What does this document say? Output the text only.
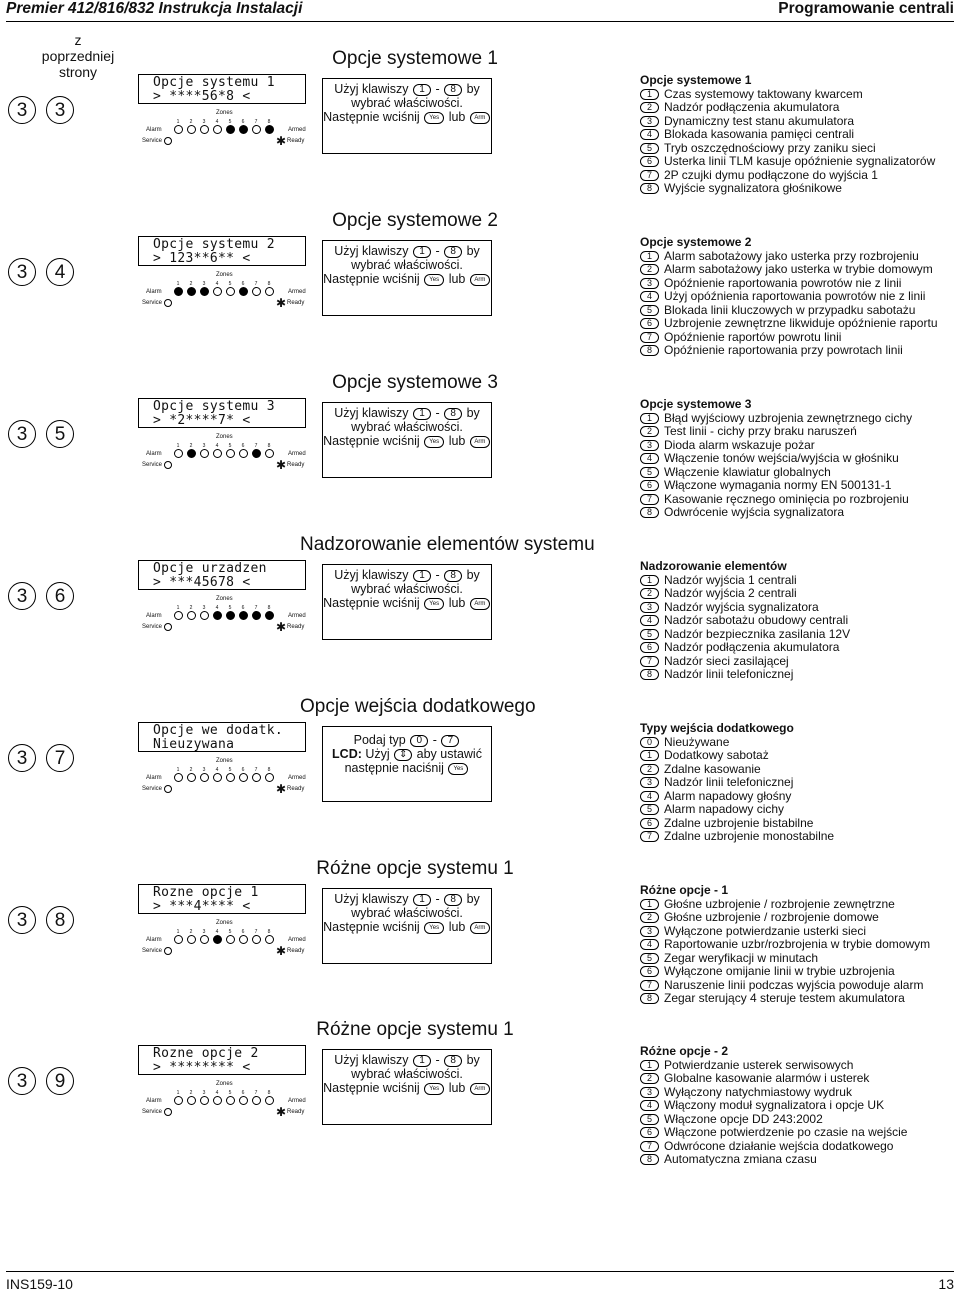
Premier 412/816/832 Instrukcja Instalacji	Programowanie centrali
z poprzedniej strony
3	3
Opcje systemu 1
> ****56*8 <
Zones
1	2	3	4	5	6	7	8
Alarm
Service
Armed
✱ Ready
Opcje systemowe 1
Użyj klawiszy 1 - 8 by
wybrać właściwości.
Następnie wciśnij Yes lub Arm
Opcje systemowe 1
1	Czas systemowy taktowany kwarcem
2	Nadzór podłączenia akumulatora
3	Dynamiczny test stanu akumulatora
4	Blokada kasowania pamięci centrali
5	Tryb oszczędnościowy przy zaniku sieci
6	Usterka linii TLM kasuje opóźnienie sygnalizatorów
7	2P czujki dymu podłączone do wyjścia 1
8	Wyjście sygnalizatora głośnikowe
3	4
Opcje systemu 2
> 123**6** <
Zones
1	2	3	4	5	6	7	8
Alarm
Service
Armed
✱ Ready
Opcje systemowe 2
Użyj klawiszy 1 - 8 by
wybrać właściwości.
Następnie wciśnij Yes lub Arm
Opcje systemowe 2
1	Alarm sabotażowy jako usterka przy rozbrojeniu
2	Alarm sabotażowy jako usterka w trybie domowym
3	Opóźnienie raportowania powrotów nie z linii
4	Użyj opóźnienia raportowania powrotów nie z linii
5	Blokada linii kluczowych w przypadku sabotażu
6	Uzbrojenie zewnętrzne likwiduje opóźnienie raportu
7	Opóźnienie raportów powrotu linii
8	Opóźnienie raportowania przy powrotach linii
3	5
Opcje systemu 3
> *2****7* <
Zones
1	2	3	4	5	6	7	8
Alarm
Service
Armed
✱ Ready
Opcje systemowe 3
Użyj klawiszy 1 - 8 by
wybrać właściwości.
Następnie wciśnij Yes lub Arm
Opcje systemowe 3
1	Błąd wyjściowy uzbrojenia zewnętrznego cichy
2	Test linii - cichy przy braku naruszeń
3	Dioda alarm wskazuje pożar
4	Włączenie tonów wejścia/wyjścia w głośniku
5	Włączenie klawiatur globalnych
6	Włączone wymagania normy EN 500131-1
7	Kasowanie ręcznego ominięcia po rozbrojeniu
8	Odwrócenie wyjścia sygnalizatora
3	6
Opcje urzadzen
> ***45678 <
Zones
1	2	3	4	5	6	7	8
Alarm
Service
Armed
✱ Ready
Nadzorowanie elementów systemu
Użyj klawiszy 1 - 8 by
wybrać właściwości.
Następnie wciśnij Yes lub Arm
Nadzorowanie elementów
1	Nadzór wyjścia 1 centrali
2	Nadzór wyjścia 2 centrali
3	Nadzór wyjścia sygnalizatora
4	Nadzór sabotażu obudowy centrali
5	Nadzór bezpiecznika zasilania 12V
6	Nadzór podłączenia akumulatora
7	Nadzór sieci zasilającej
8	Nadzór linii telefonicznej
3	7
Opcje we dodatk.
Nieuzywana
Zones
1	2	3	4	5	6	7	8
Alarm
Service
Armed
✱ Ready
Opcje wejścia dodatkowego
Podaj typ 0 - 7
LCD: Użyj ⇕ aby ustawić
następnie naciśnij Yes
Typy wejścia dodatkowego
0	Nieużywane
1	Dodatkowy sabotaż
2	Zdalne kasowanie
3	Nadzór linii telefonicznej
4	Alarm napadowy głośny
5	Alarm napadowy cichy
6	Zdalne uzbrojenie bistabilne
7	Zdalne uzbrojenie monostabilne
3	8
Rozne opcje 1
> ***4**** <
Zones
1	2	3	4	5	6	7	8
Alarm
Service
Armed
✱ Ready
Różne opcje systemu 1
Użyj klawiszy 1 - 8 by
wybrać właściwości.
Następnie wciśnij Yes lub Arm
Różne opcje - 1
1	Głośne uzbrojenie / rozbrojenie zewnętrzne
2	Głośne uzbrojenie / rozbrojenie domowe
3	Wyłączone potwierdzanie usterki sieci
4	Raportowanie uzbr/rozbrojenia w trybie domowym
5	Zegar weryfikacji w minutach
6	Wyłączone omijanie linii w trybie uzbrojenia
7	Naruszenie linii podczas wyjścia powoduje alarm
8	Zegar sterujący 4 steruje testem akumulatora
3	9
Rozne opcje 2
> ******** <
Zones
1	2	3	4	5	6	7	8
Alarm
Service
Armed
✱ Ready
Różne opcje systemu 1
Użyj klawiszy 1 - 8 by
wybrać właściwości.
Następnie wciśnij Yes lub Arm
Różne opcje - 2
1	Potwierdzanie usterek serwisowych
2	Globalne kasowanie alarmów i usterek
3	Wyłączony natychmiastowy wydruk
4	Włączony moduł sygnalizatora i opcje UK
5	Włączone opcje DD 243:2002
6	Włączone potwierdzenie po czasie na wejście
7	Odwrócone działanie wejścia dodatkowego
8	Automatyczna zmiana czasu
INS159-10	13
